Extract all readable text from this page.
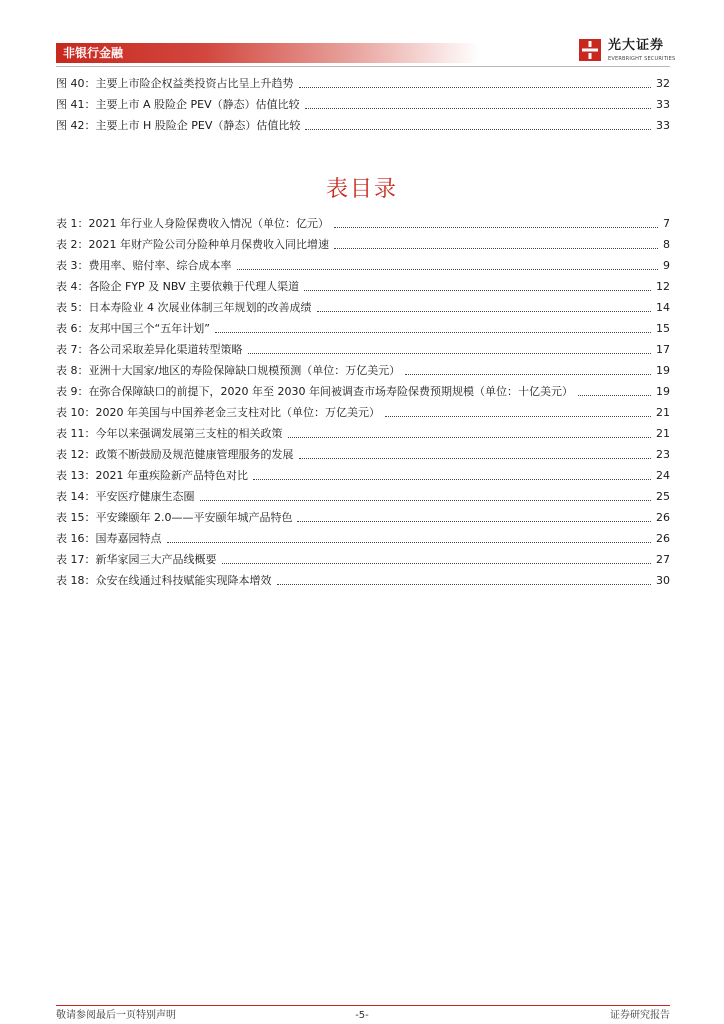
非银行金融	光大证券
EVERBRIGHT SECURITIES
图 40：主要上市险企权益类投资占比呈上升趋势	32
图 41：主要上市 A 股险企 PEV（静态）估值比较	33
图 42：主要上市 H 股险企 PEV（静态）估值比较	33
表目录
表 1：2021 年行业人身险保费收入情况（单位：亿元）	7
表 2：2021 年财产险公司分险种单月保费收入同比增速	8
表 3：费用率、赔付率、综合成本率	9
表 4：各险企 FYP 及 NBV 主要依赖于代理人渠道	12
表 5：日本寿险业 4 次展业体制三年规划的改善成绩	14
表 6：友邦中国三个“五年计划”	15
表 7：各公司采取差异化渠道转型策略	17
表 8：亚洲十大国家/地区的寿险保障缺口规模预测（单位：万亿美元）	19
表 9：在弥合保障缺口的前提下，2020 年至 2030 年间被调查市场寿险保费预期规模（单位：十亿美元）	19
表 10：2020 年美国与中国养老金三支柱对比（单位：万亿美元）	21
表 11：今年以来强调发展第三支柱的相关政策	21
表 12：政策不断鼓励及规范健康管理服务的发展	23
表 13：2021 年重疾险新产品特色对比	24
表 14：平安医疗健康生态圈	25
表 15：平安臻颐年 2.0——平安颐年城产品特色	26
表 16：国寿嘉园特点	26
表 17：新华家园三大产品线概要	27
表 18：众安在线通过科技赋能实现降本增效	30
敬请参阅最后一页特别声明	-5-	证券研究报告
